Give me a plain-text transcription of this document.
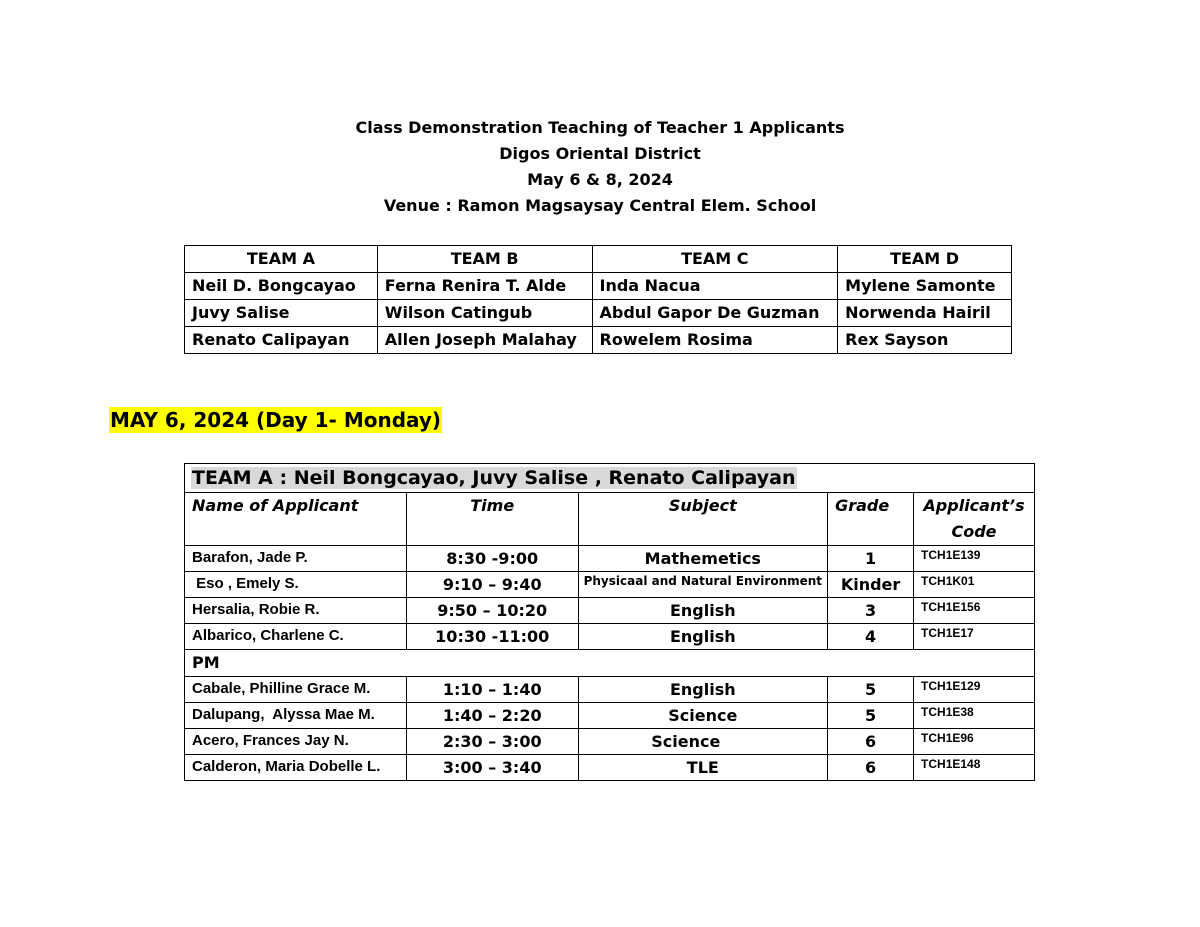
Class Demonstration Teaching of Teacher 1 Applicants
Digos Oriental District
May 6 & 8, 2024
Venue : Ramon Magsaysay Central Elem. School
TEAM A	TEAM B	TEAM C	TEAM D
Neil D. Bongcayao	Ferna Renira T. Alde	Inda Nacua	Mylene Samonte
Juvy Salise	Wilson Catingub	Abdul Gapor De Guzman	Norwenda Hairil
Renato Calipayan	Allen Joseph Malahay	Rowelem Rosima	Rex Sayson
MAY 6, 2024 (Day 1- Monday)
TEAM A : Neil Bongcayao, Juvy Salise , Renato Calipayan				
Name of Applicant	Time	Subject	Grade	Applicant’s Code
Barafon, Jade P.	8:30 -9:00	Mathemetics	1	TCH1E139
Eso , Emely S.	9:10 – 9:40	Physicaal and Natural Environment	Kinder	TCH1K01
Hersalia, Robie R.	9:50 – 10:20	English	3	TCH1E156
Albarico, Charlene C.	10:30 -11:00	English	4	TCH1E17
PM				
Cabale, Philline Grace M.	1:10 – 1:40	English	5	TCH1E129
Dalupang,  Alyssa Mae M.	1:40 – 2:20	Science	5	TCH1E38
Acero, Frances Jay N.	2:30 – 3:00	Science	6	TCH1E96
Calderon, Maria Dobelle L.	3:00 – 3:40	TLE	6	TCH1E148
